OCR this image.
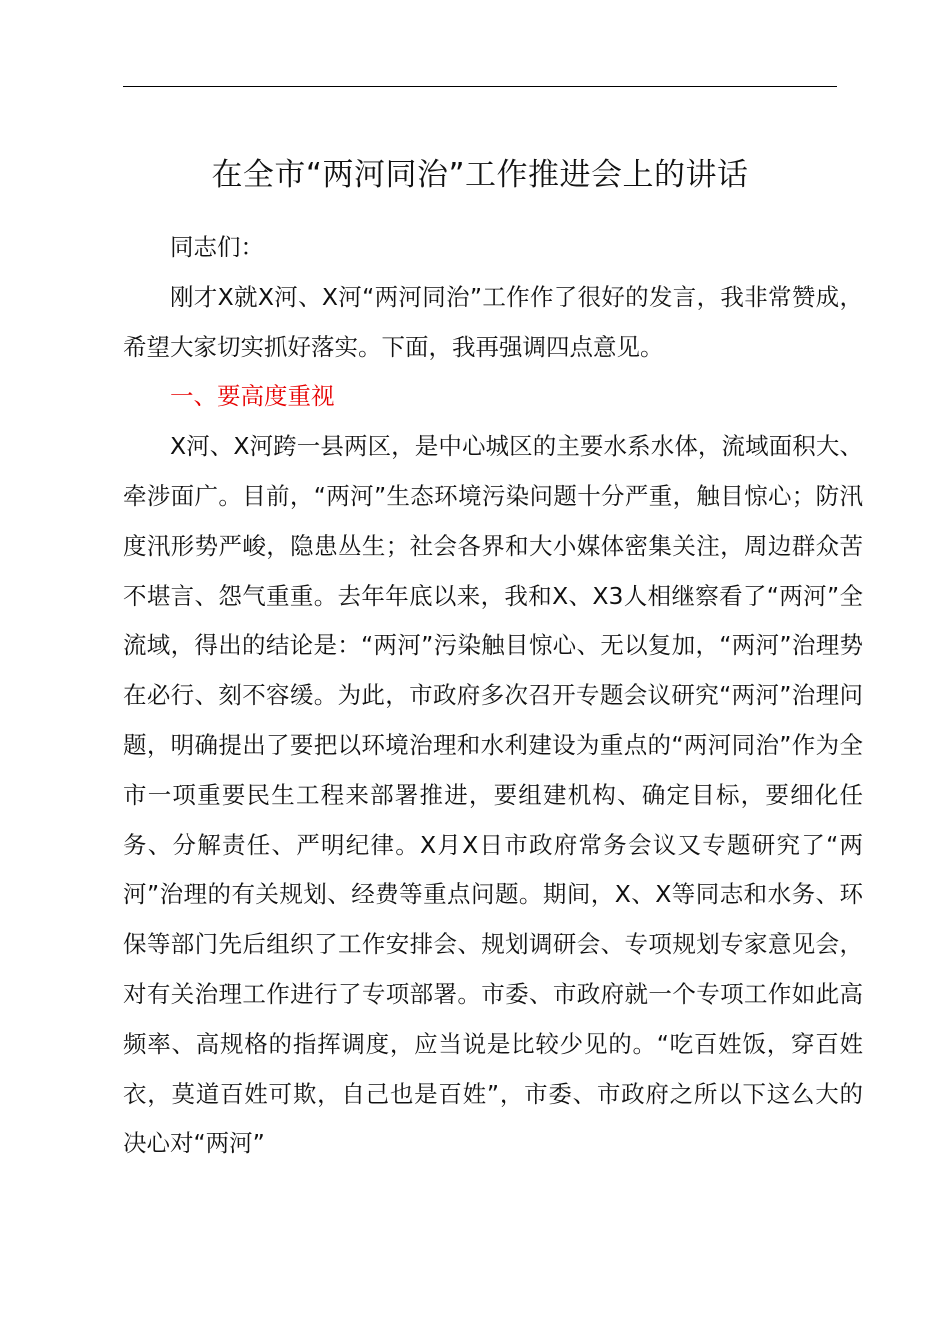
在全市“两河同治”工作推进会上的讲话

同志们：

刚才X就X河、X河“两河同治”工作作了很好的发言，我非常赞成，希望大家切实抓好落实。下面，我再强调四点意见。

一、要高度重视

X河、X河跨一县两区，是中心城区的主要水系水体，流域面积大、牵涉面广。目前，“两河”生态环境污染问题十分严重，触目惊心；防汛度汛形势严峻，隐患丛生；社会各界和大小媒体密集关注，周边群众苦不堪言、怨气重重。去年年底以来，我和X、X3人相继察看了“两河”全流域，得出的结论是：“两河”污染触目惊心、无以复加，“两河”治理势在必行、刻不容缓。为此，市政府多次召开专题会议研究“两河”治理问题，明确提出了要把以环境治理和水利建设为重点的“两河同治”作为全市一项重要民生工程来部署推进，要组建机构、确定目标，要细化任务、分解责任、严明纪律。X月X日市政府常务会议又专题研究了“两河”治理的有关规划、经费等重点问题。期间，X、X等同志和水务、环保等部门先后组织了工作安排会、规划调研会、专项规划专家意见会，对有关治理工作进行了专项部署。市委、市政府就一个专项工作如此高频率、高规格的指挥调度，应当说是比较少见的。“吃百姓饭，穿百姓衣，莫道百姓可欺，自己也是百姓”，市委、市政府之所以下这么大的决心对“两河”
